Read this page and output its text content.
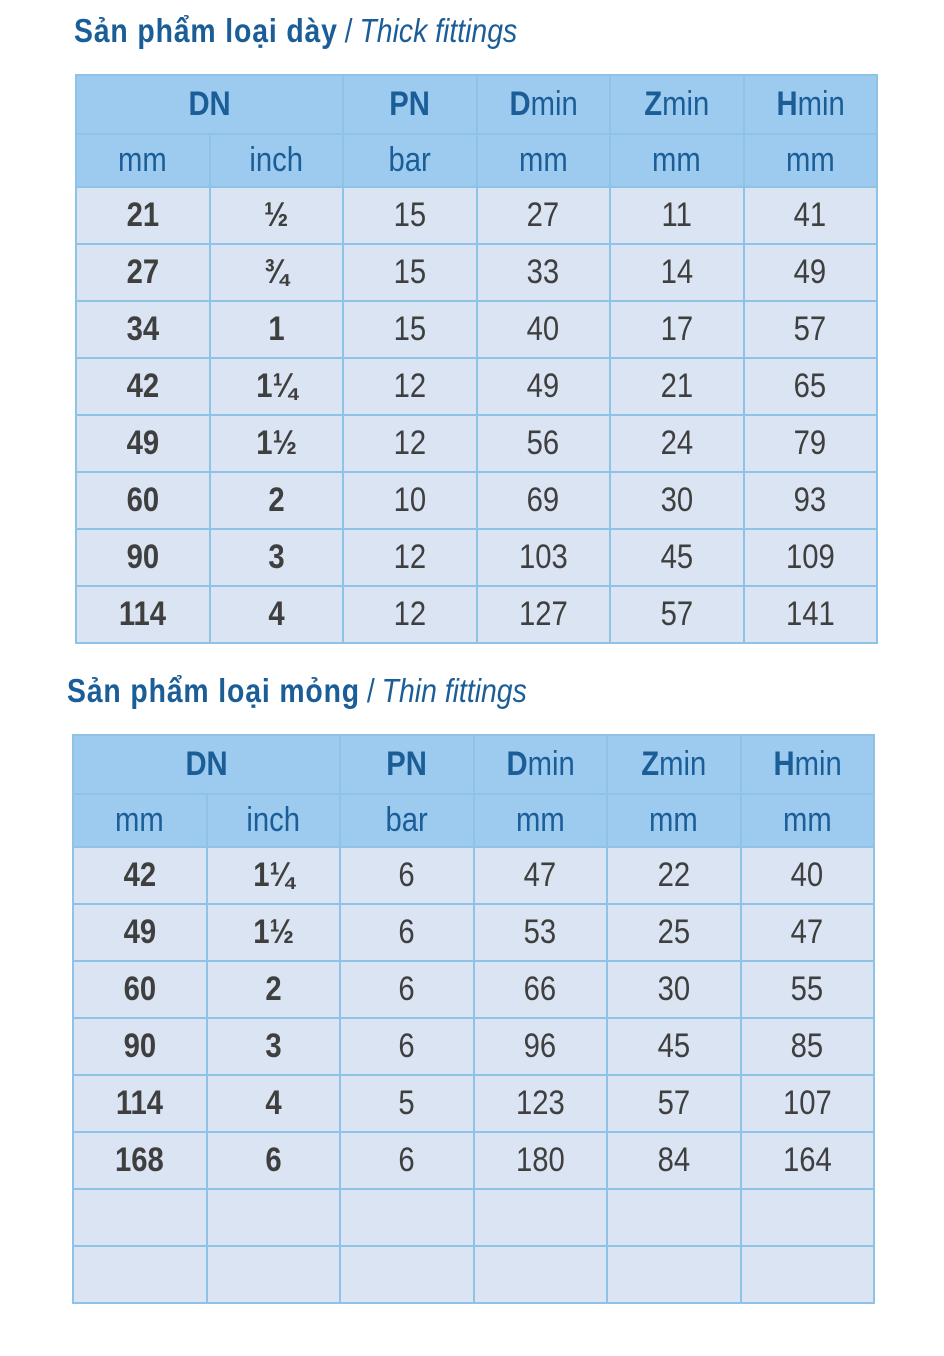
Sản phẩm loại dày / Thick fittings
DN		PN	Dmin	Zmin	Hmin
mm	inch	bar	mm	mm	mm
21	½	15	27	11	41
27	¾	15	33	14	49
34	1	15	40	17	57
42	1¼	12	49	21	65
49	1½	12	56	24	79
60	2	10	69	30	93
90	3	12	103	45	109
114	4	12	127	57	141
Sản phẩm loại mỏng / Thin fittings
DN		PN	Dmin	Zmin	Hmin
mm	inch	bar	mm	mm	mm
42	1¼	6	47	22	40
49	1½	6	53	25	47
60	2	6	66	30	55
90	3	6	96	45	85
114	4	5	123	57	107
168	6	6	180	84	164
